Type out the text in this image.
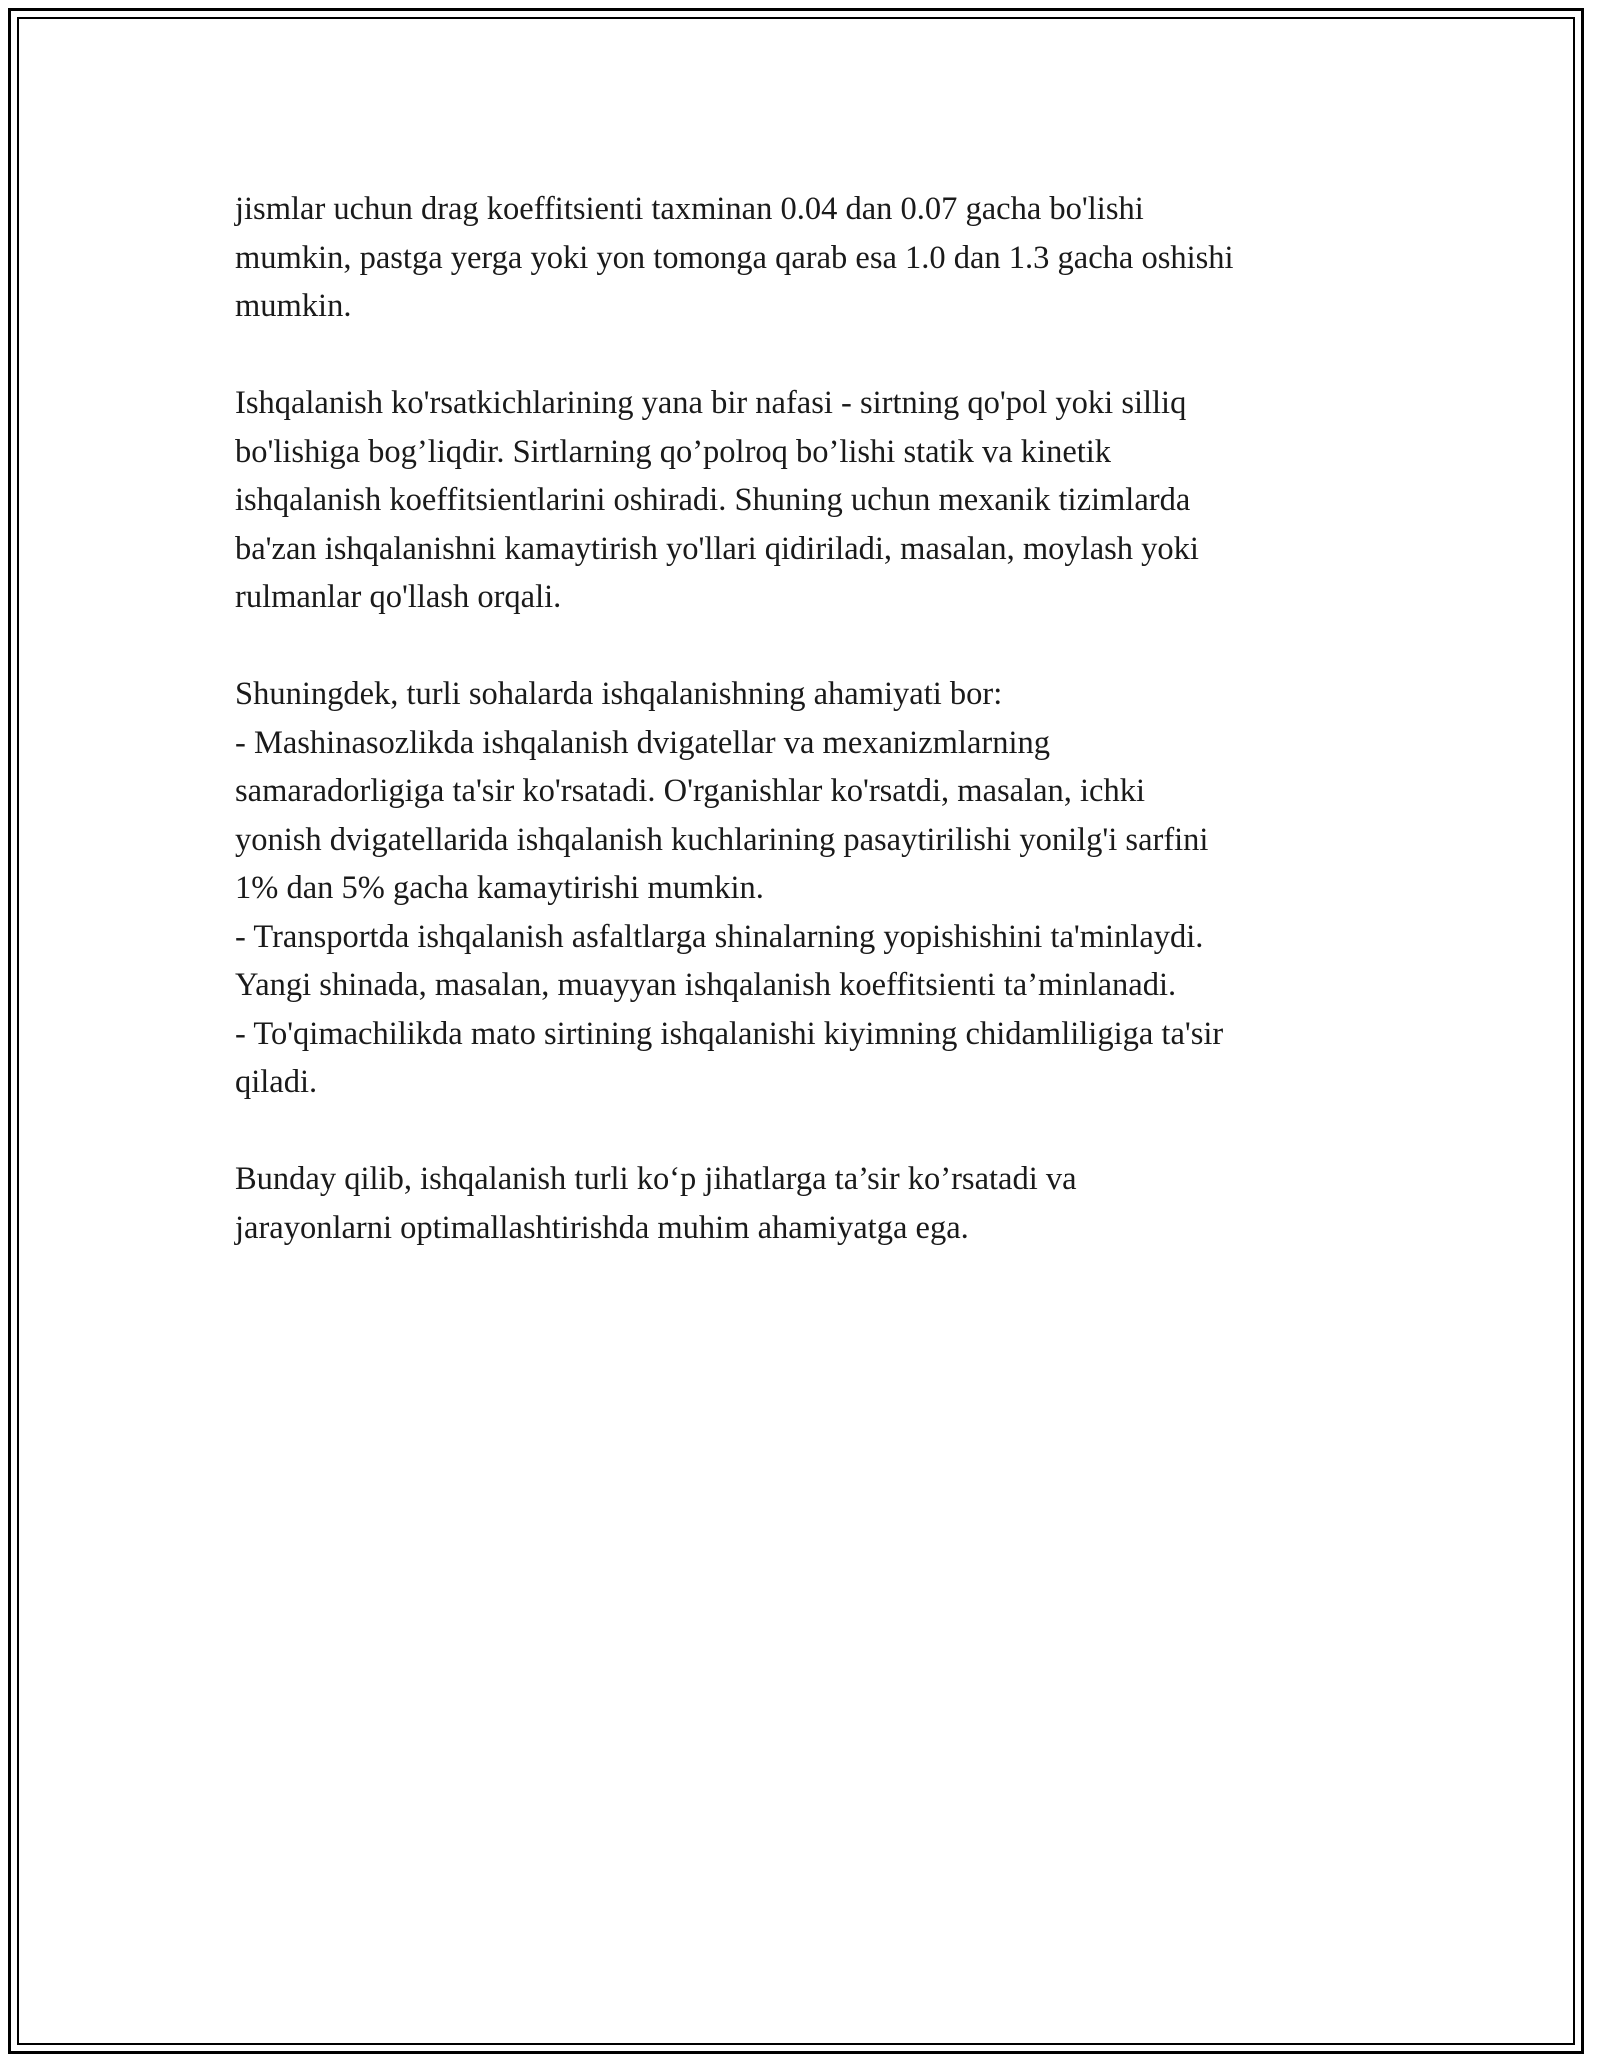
jismlar uchun drag koeffitsienti taxminan 0.04 dan 0.07 gacha bo'lishi
mumkin, pastga yerga yoki yon tomonga qarab esa 1.0 dan 1.3 gacha oshishi
mumkin.

Ishqalanish ko'rsatkichlarining yana bir nafasi - sirtning qo'pol yoki silliq
bo'lishiga bog’liqdir. Sirtlarning qo’polroq bo’lishi statik va kinetik
ishqalanish koeffitsientlarini oshiradi. Shuning uchun mexanik tizimlarda
ba'zan ishqalanishni kamaytirish yo'llari qidiriladi, masalan, moylash yoki
rulmanlar qo'llash orqali.

Shuningdek, turli sohalarda ishqalanishning ahamiyati bor:
- Mashinasozlikda ishqalanish dvigatellar va mexanizmlarning
samaradorligiga ta'sir ko'rsatadi. O'rganishlar ko'rsatdi, masalan, ichki
yonish dvigatellarida ishqalanish kuchlarining pasaytirilishi yonilg'i sarfini
1% dan 5% gacha kamaytirishi mumkin.
- Transportda ishqalanish asfaltlarga shinalarning yopishishini ta'minlaydi.
Yangi shinada, masalan, muayyan ishqalanish koeffitsienti ta’minlanadi.
- To'qimachilikda mato sirtining ishqalanishi kiyimning chidamliligiga ta'sir
qiladi.

Bunday qilib, ishqalanish turli ko‘p jihatlarga ta’sir ko’rsatadi va
jarayonlarni optimallashtirishda muhim ahamiyatga ega.
